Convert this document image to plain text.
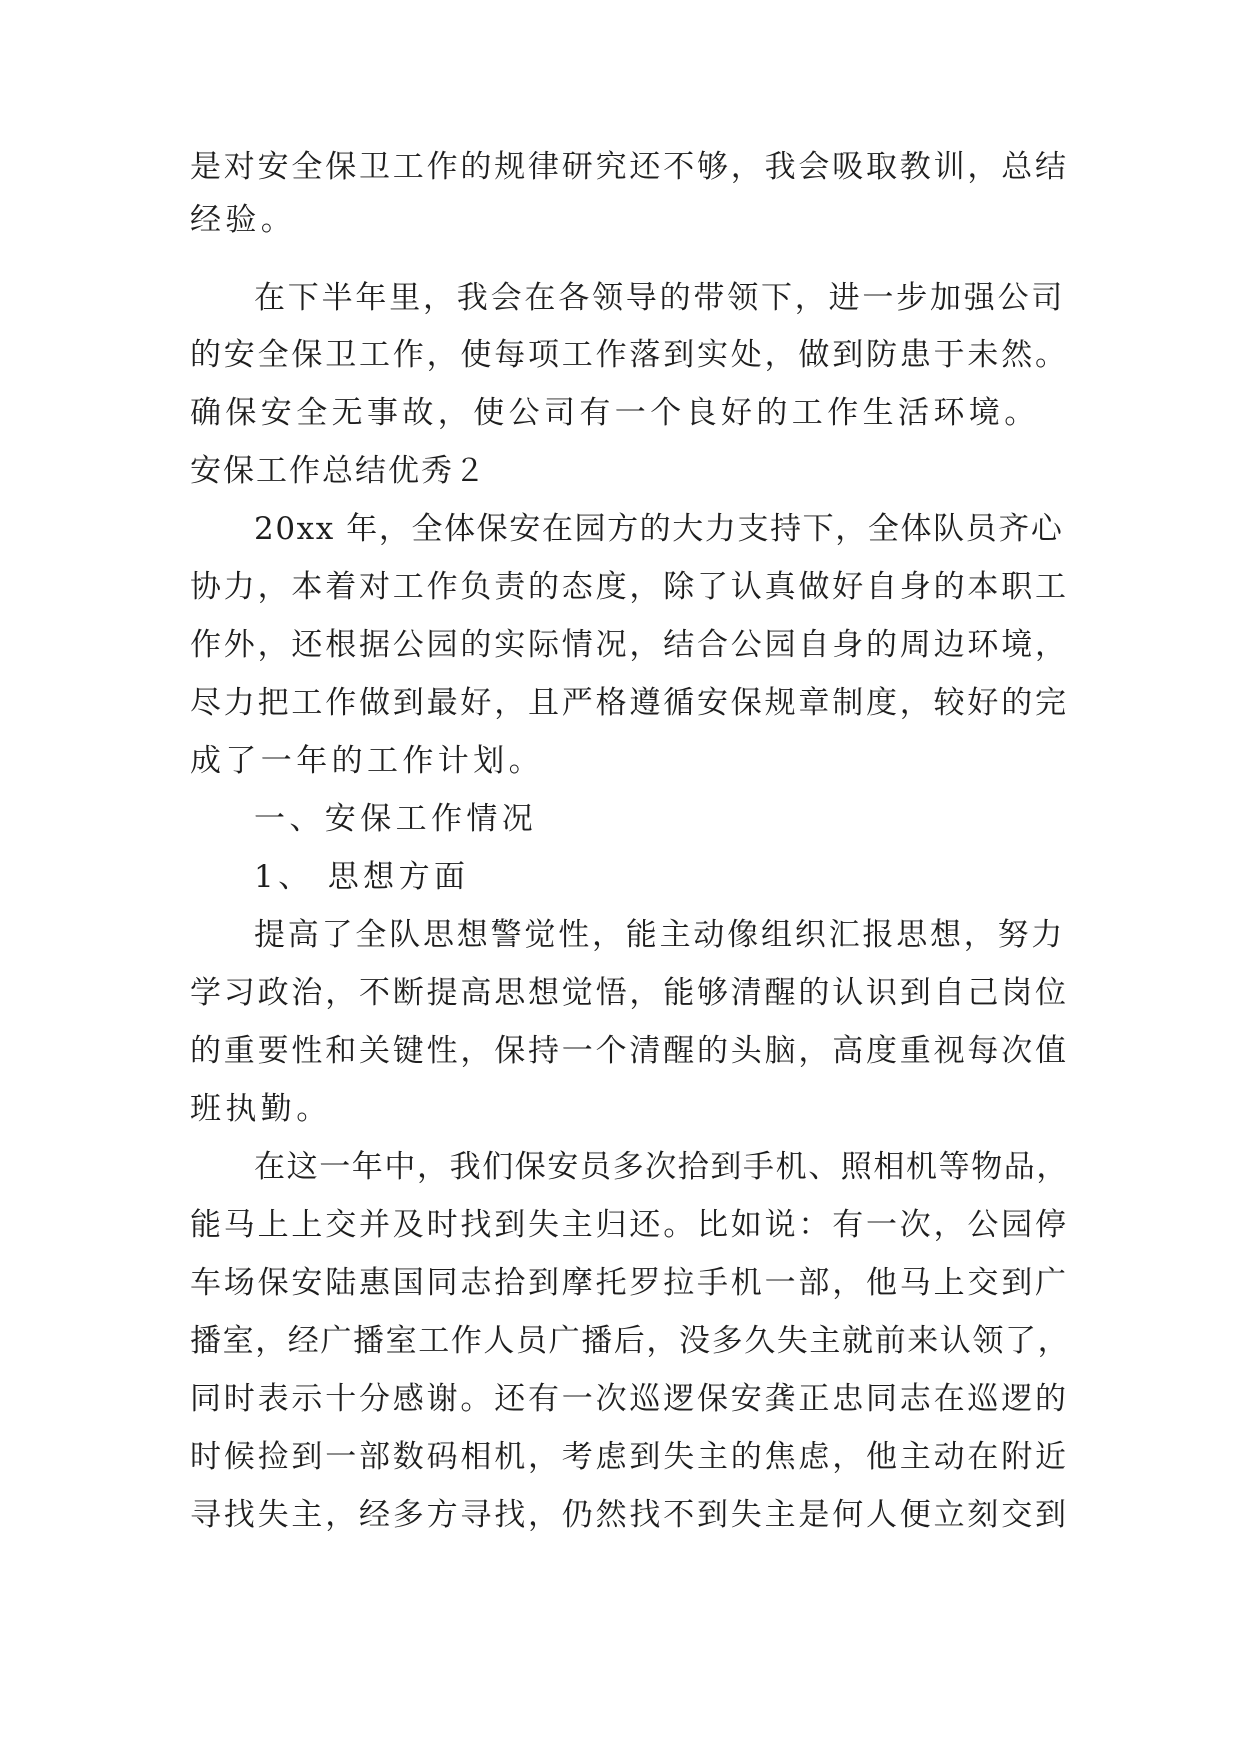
是对安全保卫工作的规律研究还不够，我会吸取教训，总结
经验。
在下半年里，我会在各领导的带领下，进一步加强公司
的安全保卫工作，使每项工作落到实处，做到防患于未然。
确保安全无事故，使公司有一个良好的工作生活环境。
安保工作总结优秀２
20xx 年，全体保安在园方的大力支持下，全体队员齐心
协力，本着对工作负责的态度，除了认真做好自身的本职工
作外，还根据公园的实际情况，结合公园自身的周边环境，
尽力把工作做到最好，且严格遵循安保规章制度，较好的完
成了一年的工作计划。
一、安保工作情况
1、 思想方面
提高了全队思想警觉性，能主动像组织汇报思想，努力
学习政治，不断提高思想觉悟，能够清醒的认识到自己岗位
的重要性和关键性，保持一个清醒的头脑，高度重视每次值
班执勤。
在这一年中，我们保安员多次拾到手机、照相机等物品，
能马上上交并及时找到失主归还。比如说：有一次，公园停
车场保安陆惠国同志拾到摩托罗拉手机一部，他马上交到广
播室，经广播室工作人员广播后，没多久失主就前来认领了，
同时表示十分感谢。还有一次巡逻保安龚正忠同志在巡逻的
时候捡到一部数码相机，考虑到失主的焦虑，他主动在附近
寻找失主，经多方寻找，仍然找不到失主是何人便立刻交到
